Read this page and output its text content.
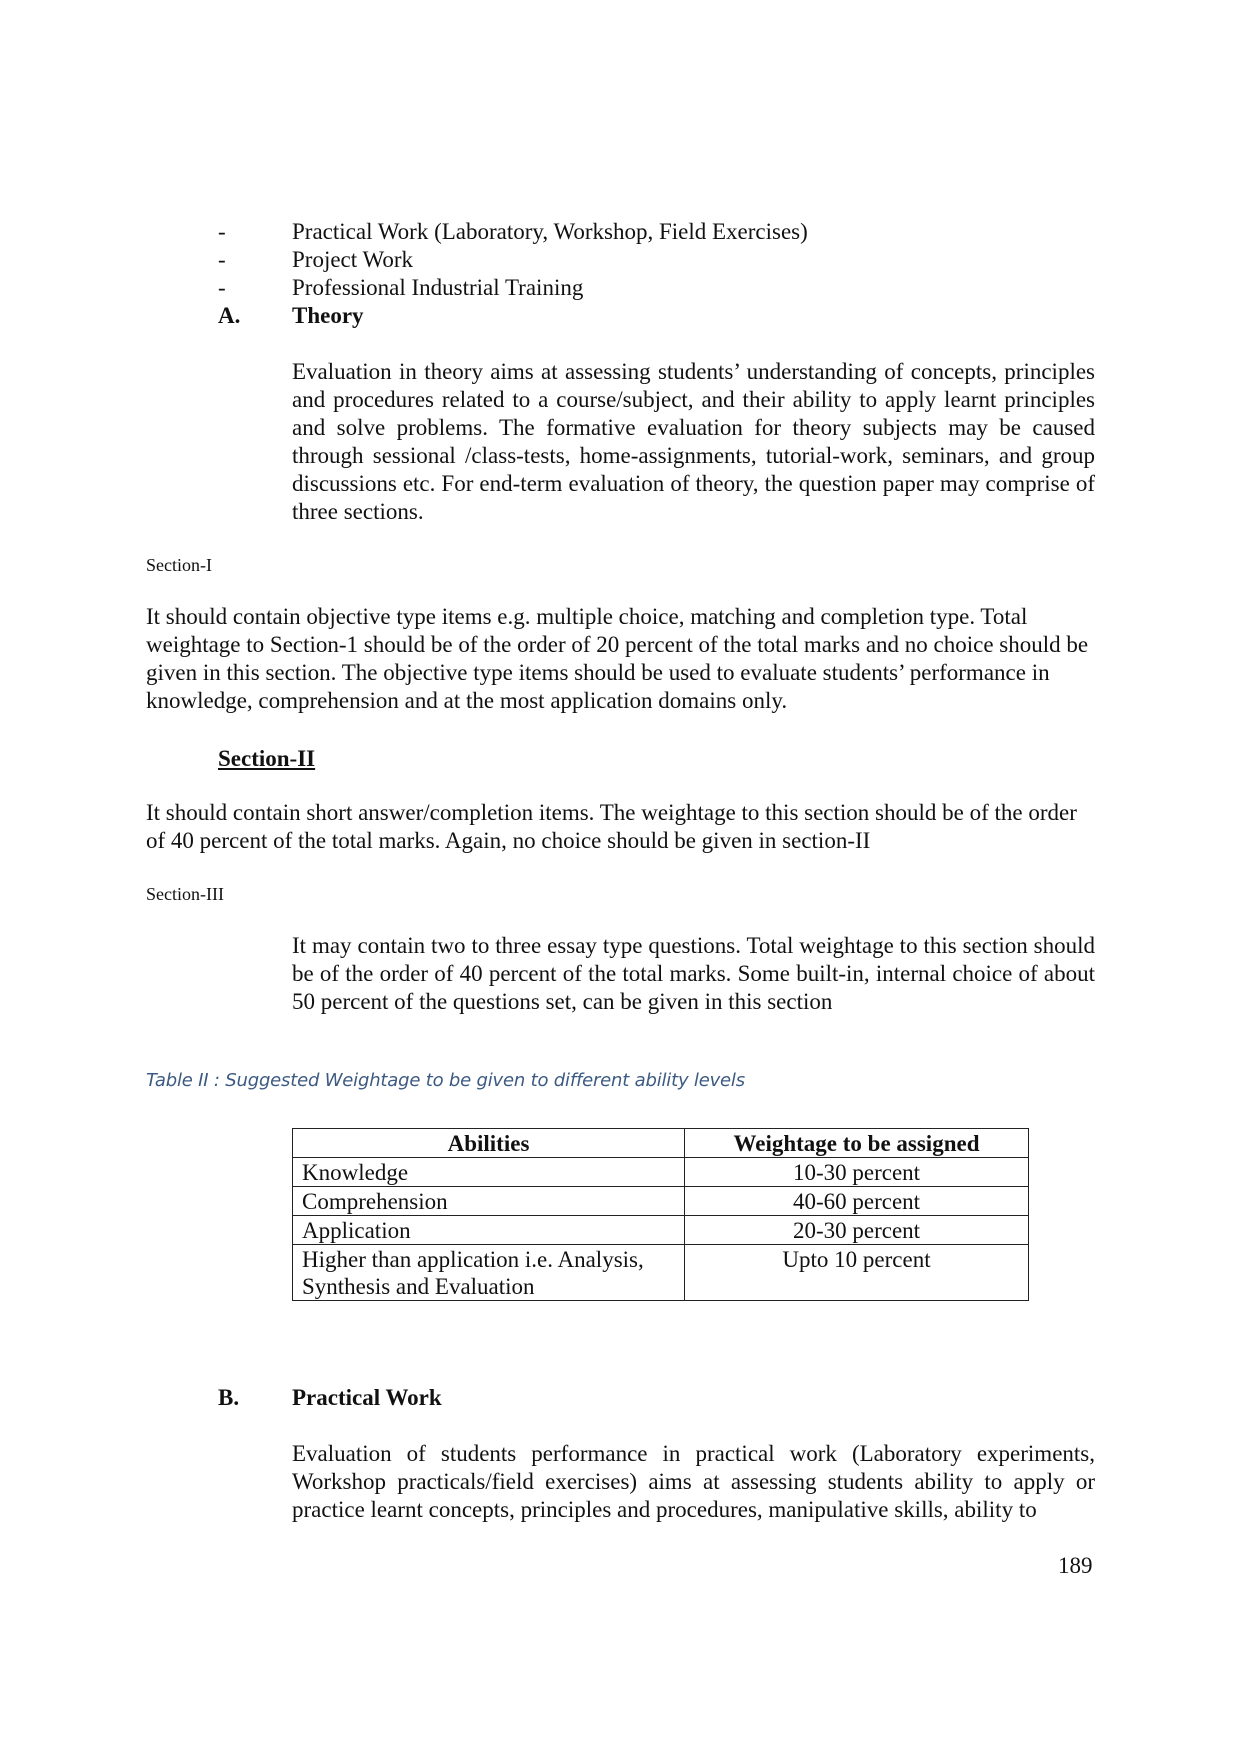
-	Practical Work (Laboratory, Workshop, Field Exercises)
-	Project Work
-	Professional Industrial Training
A.	Theory
Evaluation in theory aims at assessing students’ understanding of concepts, principles and procedures related to a course/subject, and their ability to apply learnt principles and solve problems. The formative evaluation for theory subjects may be caused through sessional /class-tests, home-assignments, tutorial-work, seminars, and group discussions etc. For end-term evaluation of theory, the question paper may comprise of three sections.
Section-I
It should contain objective type items e.g. multiple choice, matching and completion type. Total weightage to Section-1 should be of the order of 20 percent of the total marks and no choice should be given in this section. The objective type items should be used to evaluate students’ performance in knowledge, comprehension and at the most application domains only.
Section-II
It should contain short answer/completion items. The weightage to this section should be of the order of 40 percent of the total marks. Again, no choice should be given in section-II
Section-III
It may contain two to three essay type questions. Total weightage to this section should be of the order of 40 percent of the total marks. Some built-in, internal choice of about 50 percent of the questions set, can be given in this section
Table II : Suggested Weightage to be given to different ability levels
Abilities	Weightage to be assigned
Knowledge	10-30 percent
Comprehension	40-60 percent
Application	20-30 percent
Higher than application i.e. Analysis, Synthesis and Evaluation	Upto 10 percent
B.	Practical Work
Evaluation of students performance in practical work (Laboratory experiments, Workshop practicals/field exercises) aims at assessing students ability to apply or practice learnt concepts, principles and procedures, manipulative skills, ability to
189
